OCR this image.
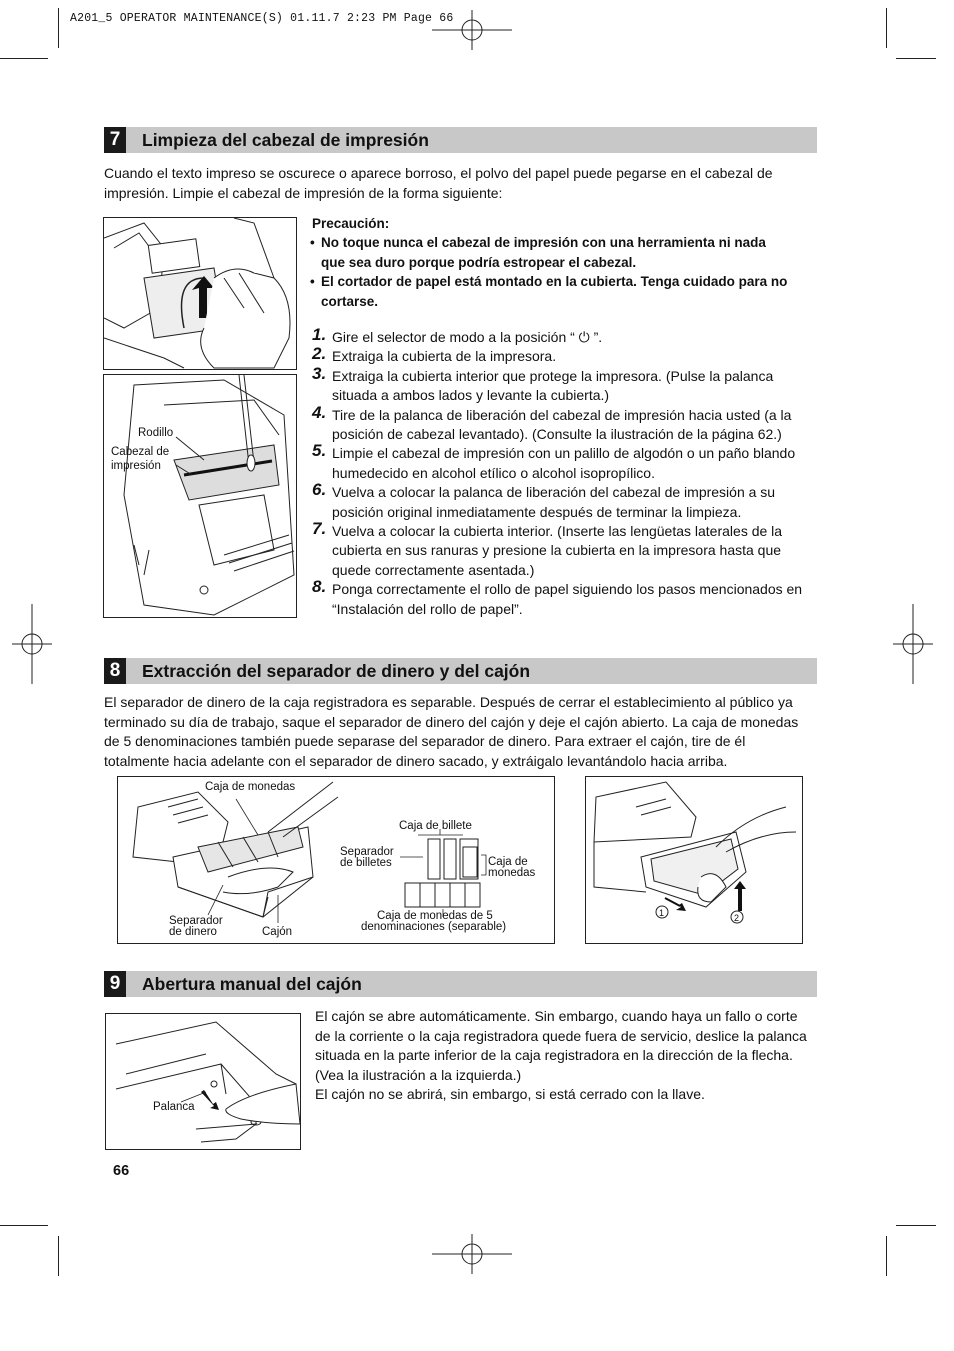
A201_5 OPERATOR MAINTENANCE(S) 01.11.7 2:23 PM Page 66
7	Limpieza del cabezal de impresión
Cuando el texto impreso se oscurece o aparece borroso, el polvo del papel puede pegarse en el cabezal de
impresión. Limpie el cabezal de impresión de la forma siguiente:
Rodillo
Cabezal de
impresión
Precaución:
• No toque nunca el cabezal de impresión con una herramienta ni nada
que sea duro porque podría estropear el cabezal.
• El cortador de papel está montado en la cubierta. Tenga cuidado para no
cortarse.
1. Gire el selector de modo a la posición “ ⏻ ”.
2. Extraiga la cubierta de la impresora.
3. Extraiga la cubierta interior que protege la impresora. (Pulse la palanca
situada a ambos lados y levante la cubierta.)
4. Tire de la palanca de liberación del cabezal de impresión hacia usted (a la
posición de cabezal levantado). (Consulte la ilustración de la página 62.)
5. Limpie el cabezal de impresión con un palillo de algodón o un paño blando
humedecido en alcohol etílico o alcohol isopropílico.
6. Vuelva a colocar la palanca de liberación del cabezal de impresión a su
posición original inmediatamente después de terminar la limpieza.
7. Vuelva a colocar la cubierta interior. (Inserte las lengüetas laterales de la
cubierta en sus ranuras y presione la cubierta en la impresora hasta que
quede correctamente asentada.)
8. Ponga correctamente el rollo de papel siguiendo los pasos mencionados en
“Instalación del rollo de papel”.
8	Extracción del separador de dinero y del cajón
El separador de dinero de la caja registradora es separable. Después de cerrar el establecimiento al público ya
terminado su día de trabajo, saque el separador de dinero del cajón y deje el cajón abierto. La caja de monedas
de 5 denominaciones también puede separase del separador de dinero. Para extraer el cajón, tire de él
totalmente hacia adelante con el separador de dinero sacado, y extráigalo levantándolo hacia arriba.
Caja de monedas
Caja de billete
Separador
de billetes	Caja de
monedas
Separador
de dinero	Cajón
Caja de monedas de 5
denominaciones (separable)
1	2
9	Abertura manual del cajón
Palanca
El cajón se abre automáticamente. Sin embargo, cuando haya un fallo o corte
de la corriente o la caja registradora quede fuera de servicio, deslice la palanca
situada en la parte inferior de la caja registradora en la dirección de la flecha.
(Vea la ilustración a la izquierda.)
El cajón no se abrirá, sin embargo, si está cerrado con la llave.
66
